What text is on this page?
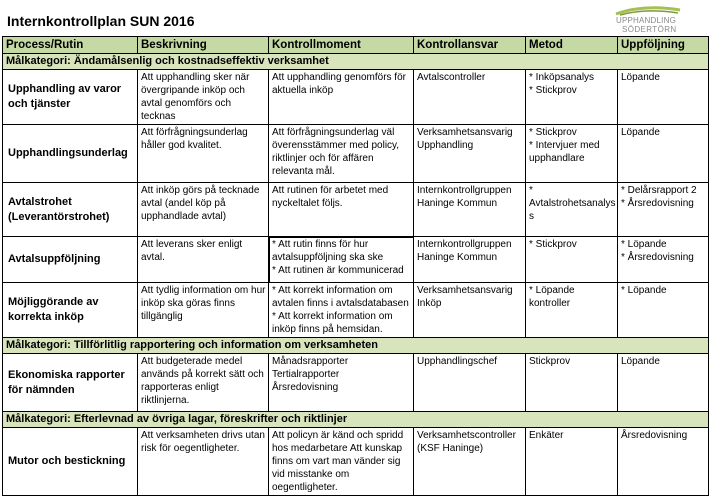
Internkontrollplan SUN 2016	UPPHANDLING
SÖDERTÖRN
Process/Rutin	Beskrivning	Kontrollmoment	Kontrollansvar	Metod	Uppföljning
Målkategori: Ändamålsenlig och kostnadseffektiv verksamhet					

Upphandling av varor
och tjänster	Att upphandling sker när
övergripande inköp och
avtal genomförs och
tecknas	Att upphandling genomförs för
aktuella inköp	Avtalscontroller	* Inköpsanalys
* Stickprov	Löpande

Upphandlingsunderlag	Att förfrågningsunderlag
håller god kvalitet.	Att förfrågningsunderlag väl
överensstämmer med policy,
riktlinjer och för affären
relevanta mål.	Verksamhetsansvarig
Upphandling	* Stickprov
* Intervjuer med
upphandlare	Löpande

Avtalstrohet
(Leverantörstrohet)	Att inköp görs på tecknade
avtal (andel köp på
upphandlade avtal)	Att rutinen för arbetet med
nyckeltalet följs.	Internkontrollgruppen
Haninge Kommun	*
Avtalstrohetsanalys
s	* Delårsrapport 2
* Årsredovisning

Avtalsuppföljning	Att leverans sker enligt
avtal.	* Att rutin finns för hur
avtalsuppföljning ska ske
* Att rutinen är kommunicerad	Internkontrollgruppen
Haninge Kommun	* Stickprov	* Löpande
* Årsredovisning

Möjliggörande av
korrekta inköp	Att tydlig information om hur
inköp ska göras finns
tillgänglig	* Att korrekt information om
avtalen finns i avtalsdatabasen
* Att korrekt information om
inköp finns på hemsidan.	Verksamhetsansvarig
Inköp	* Löpande
kontroller	* Löpande

Målkategori: Tillförlitlig rapportering och information om verksamheten					

Ekonomiska rapporter
för nämnden	Att budgeterade medel
används på korrekt sätt och
rapporteras enligt
riktlinjerna.	Månadsrapporter
Tertialrapporter
Årsredovisning	Upphandlingschef	Stickprov	Löpande

Målkategori: Efterlevnad av övriga lagar, föreskrifter och riktlinjer					

Mutor och bestickning	Att verksamheten drivs utan
risk för oegentligheter.	Att policyn är känd och spridd
hos medarbetare Att kunskap
finns om vart man vänder sig
vid misstanke om
oegentligheter.	Verksamhetscontroller
(KSF Haninge)	Enkäter	Årsredovisning
